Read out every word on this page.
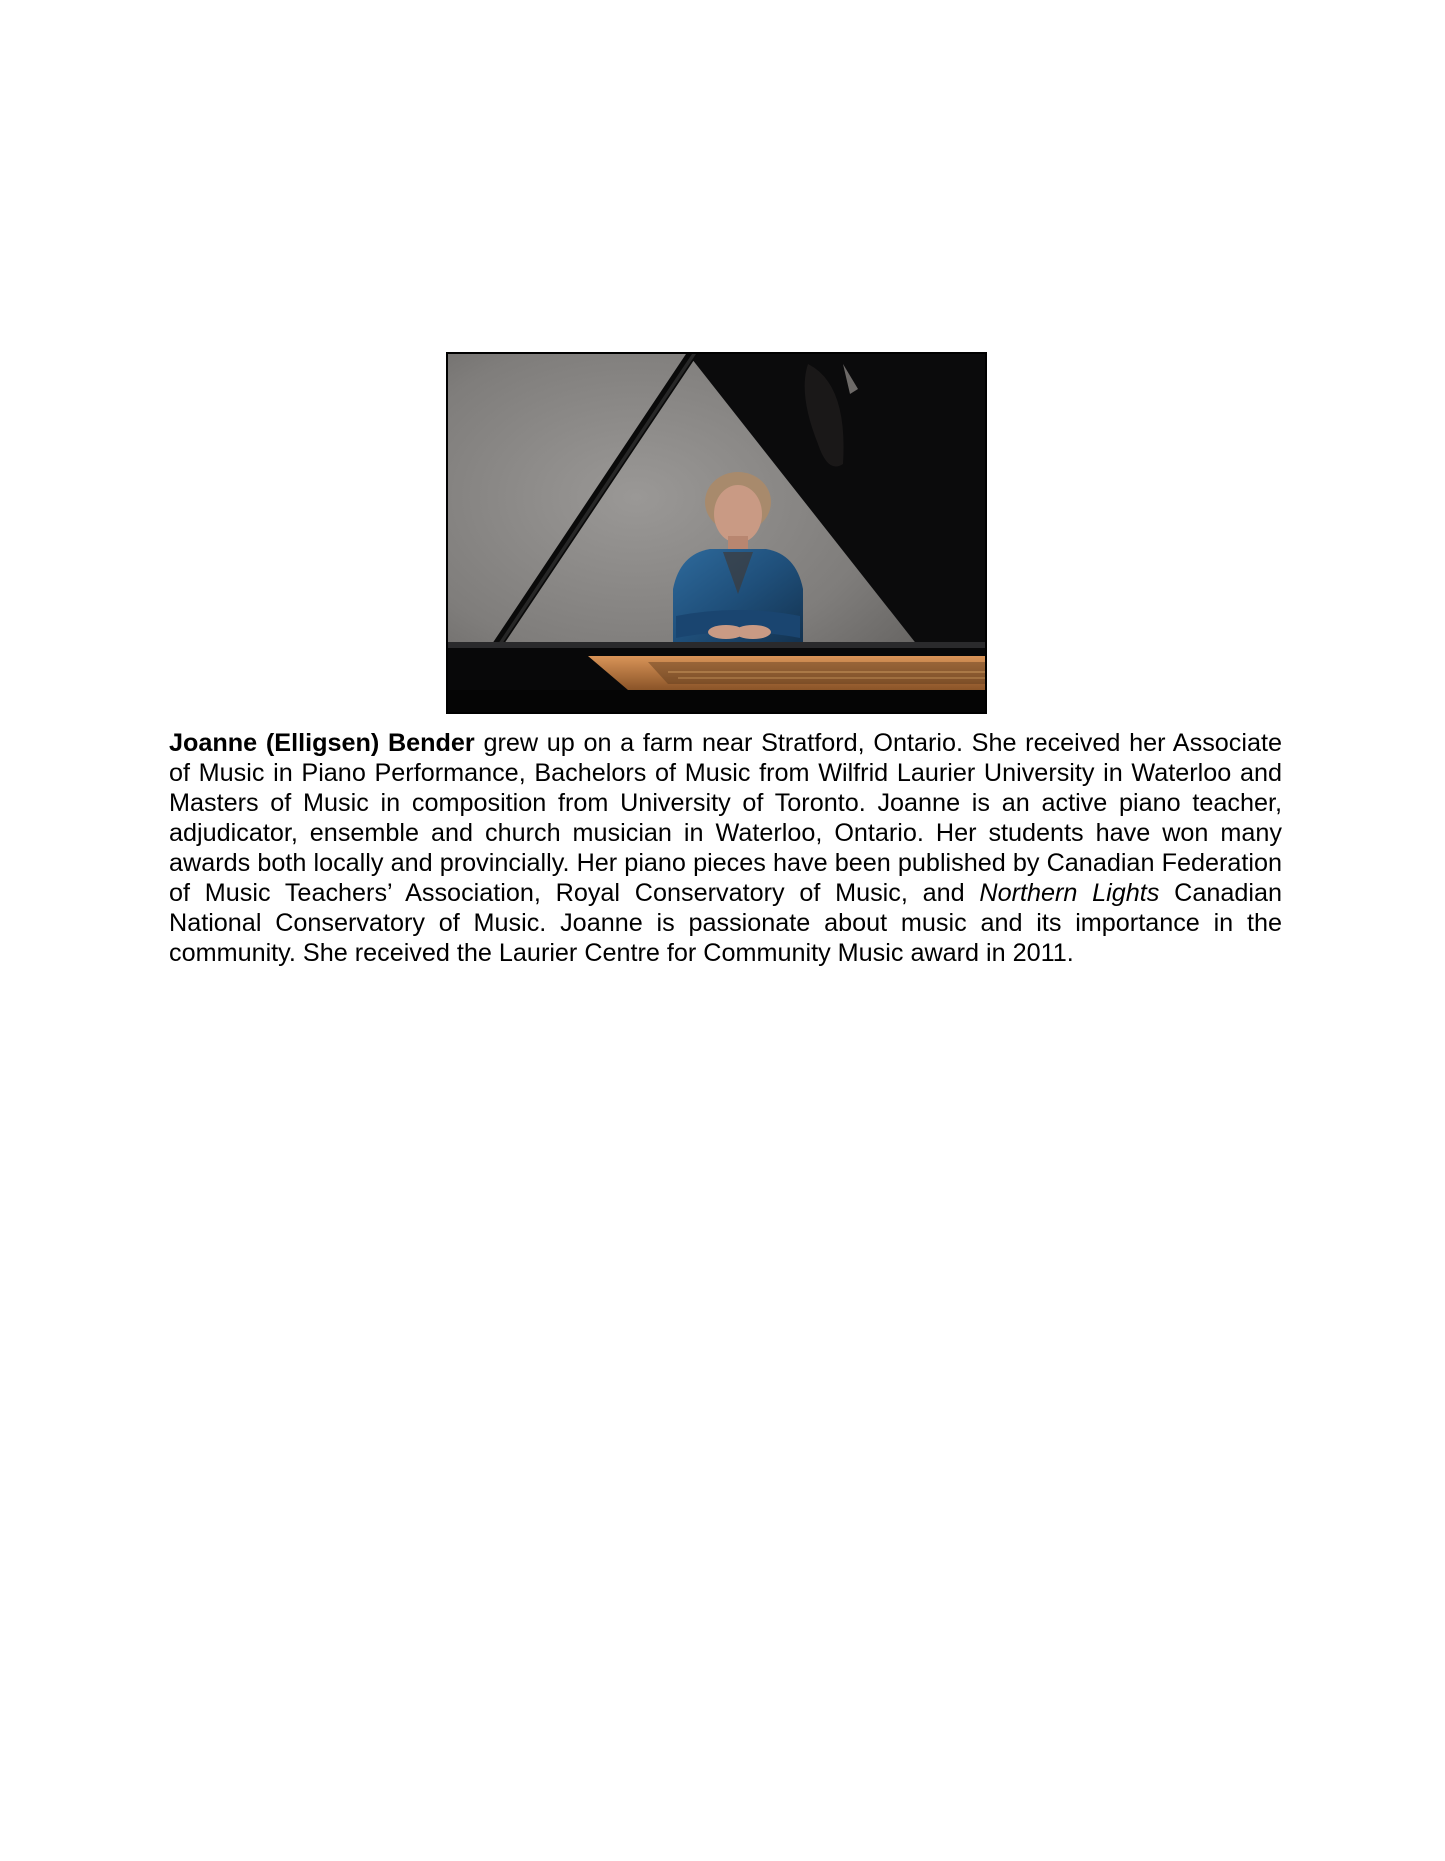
Joanne (Elligsen) Bender grew up on a farm near Stratford, Ontario. She received her Associate of Music in Piano Performance, Bachelors of Music from Wilfrid Laurier University in Waterloo and Masters of Music in composition from University of Toronto. Joanne is an active piano teacher, adjudicator, ensemble and church musician in Waterloo, Ontario. Her students have won many awards both locally and provincially. Her piano pieces have been published by Canadian Federation of Music Teachers’ Association, Royal Conservatory of Music, and Northern Lights Canadian National Conservatory of Music. Joanne is passionate about music and its importance in the community. She received the Laurier Centre for Community Music award in 2011.
